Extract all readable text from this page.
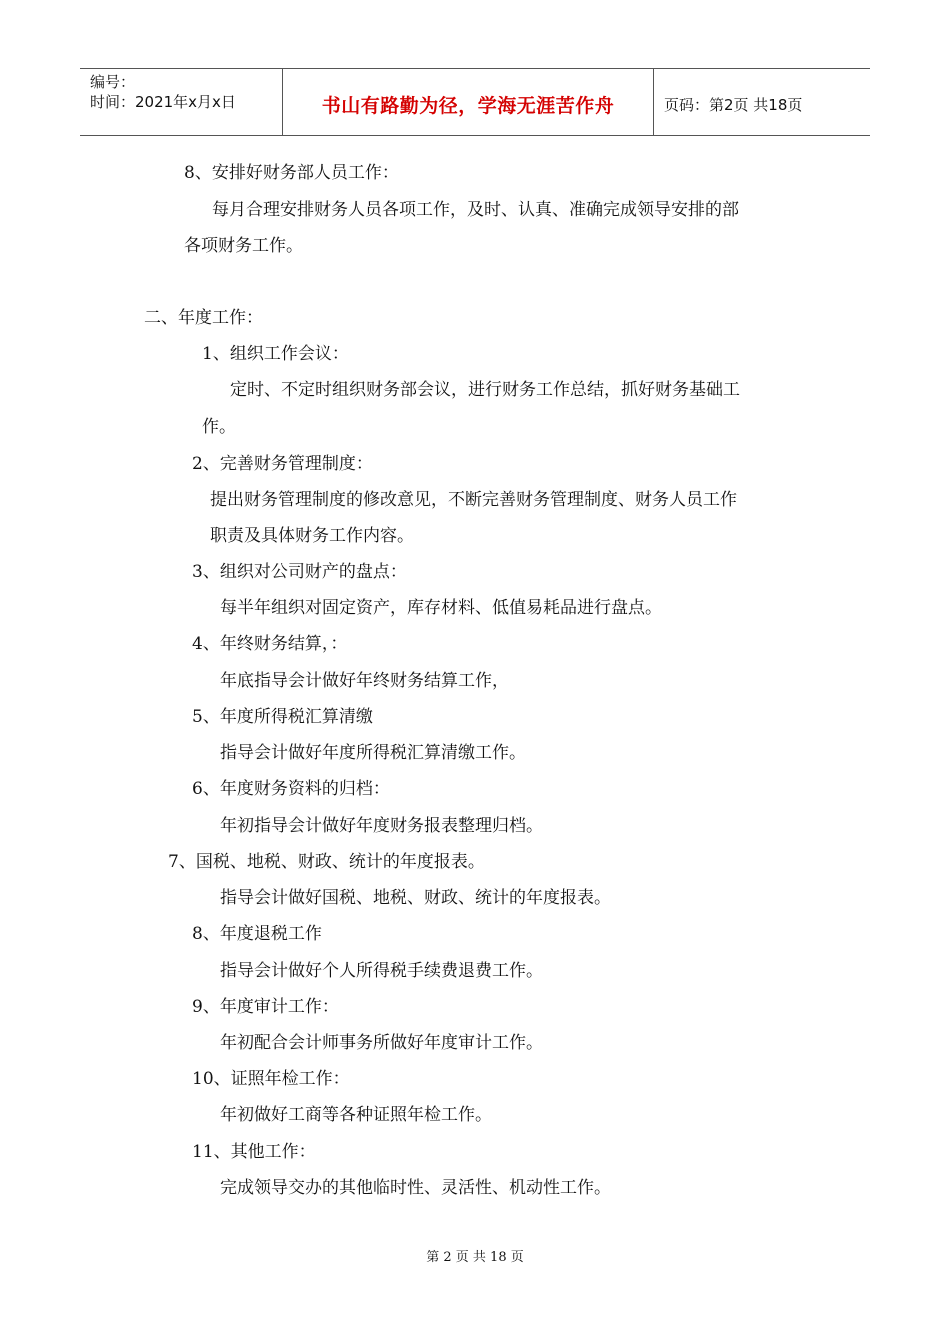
编号：
时间：2021年x月x日	书山有路勤为径，学海无涯苦作舟	页码：第2页 共18页
8、安排好财务部人员工作：
每月合理安排财务人员各项工作，及时、认真、准确完成领导安排的部
各项财务工作。
二、年度工作：
1、组织工作会议：
定时、不定时组织财务部会议，进行财务工作总结，抓好财务基础工
作。
2、完善财务管理制度：
提出财务管理制度的修改意见，不断完善财务管理制度、财务人员工作
职责及具体财务工作内容。
3、组织对公司财产的盘点：
每半年组织对固定资产，库存材料、低值易耗品进行盘点。
4、年终财务结算，：
年底指导会计做好年终财务结算工作，
5、年度所得税汇算清缴
指导会计做好年度所得税汇算清缴工作。
6、年度财务资料的归档：
年初指导会计做好年度财务报表整理归档。
7、国税、地税、财政、统计的年度报表。
指导会计做好国税、地税、财政、统计的年度报表。
8、年度退税工作
指导会计做好个人所得税手续费退费工作。
9、年度审计工作：
年初配合会计师事务所做好年度审计工作。
10、证照年检工作：
年初做好工商等各种证照年检工作。
11、其他工作：
完成领导交办的其他临时性、灵活性、机动性工作。
第 2 页 共 18 页
